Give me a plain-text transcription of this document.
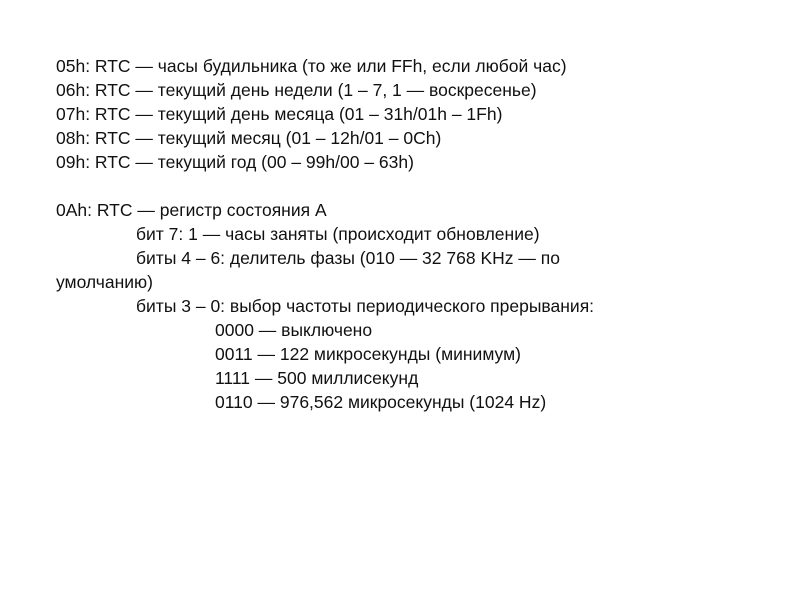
05h: RTC — часы будильника (то же или FFh, если любой час)
06h: RTC — текущий день недели (1 – 7, 1 — воскресенье)
07h: RTC — текущий день месяца (01 – 31h/01h – 1Fh)
08h: RTC — текущий месяц (01 – 12h/01 – 0Ch)
09h: RTC — текущий год (00 – 99h/00 – 63h)
0Ah: RTC — регистр состояния A
бит 7: 1 — часы заняты (происходит обновление)
биты 4 – 6: делитель фазы (010 — 32 768 KHz — по умолчанию)
биты 3 – 0: выбор частоты периодического прерывания:
0000 — выключено
0011 — 122 микросекунды (минимум)
1111 — 500 миллисекунд
0110 — 976,562 микросекунды (1024 Hz)
